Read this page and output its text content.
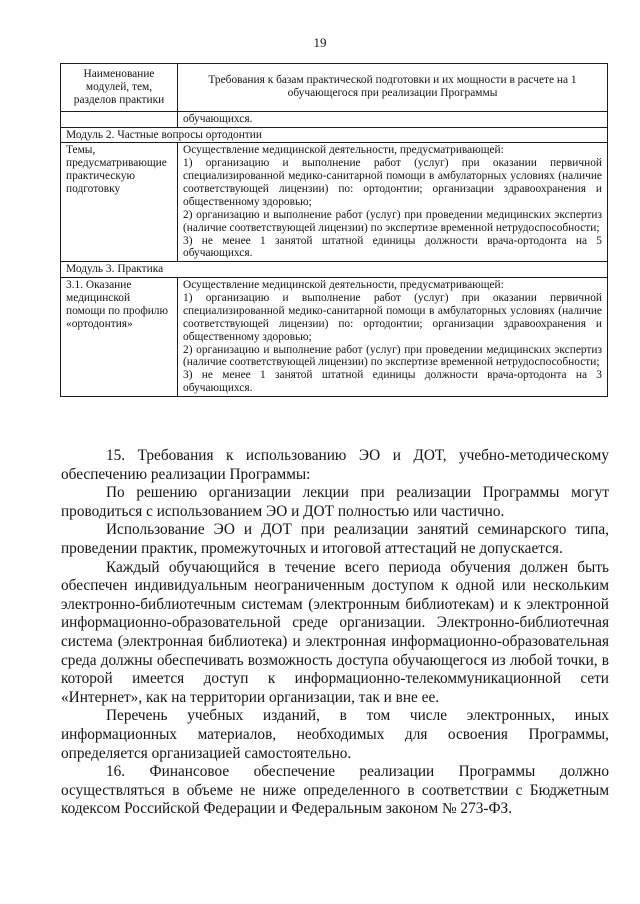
19
Наименование модулей, тем, разделов практики	Требования к базам практической подготовки и их мощности в расчете на 1 обучающегося при реализации Программы
	обучающихся.
Модуль 2. Частные вопросы ортодонтии	
Темы, предусматривающие практическую подготовку	Осуществление медицинской деятельности, предусматривающей:

1) организацию и выполнение работ (услуг) при оказании первичной специализированной медико-санитарной помощи в амбулаторных условиях (наличие соответствующей лицензии) по: ортодонтии; организации здравоохранения и общественному здоровью;

2) организацию и выполнение работ (услуг) при проведении медицинских экспертиз (наличие соответствующей лицензии) по экспертизе временной нетрудоспособности;

3) не менее 1 занятой штатной единицы должности врача-ортодонта на 5 обучающихся.

Модуль 3. Практика	
3.1. Оказание медицинской помощи по профилю «ортодонтия»	Осуществление медицинской деятельности, предусматривающей:

1) организацию и выполнение работ (услуг) при оказании первичной специализированной медико-санитарной помощи в амбулаторных условиях (наличие соответствующей лицензии) по: ортодонтии; организации здравоохранения и общественному здоровью;

2) организацию и выполнение работ (услуг) при проведении медицинских экспертиз (наличие соответствующей лицензии) по экспертизе временной нетрудоспособности;

3) не менее 1 занятой штатной единицы должности врача-ортодонта на 3 обучающихся.

15. Требования к использованию ЭО и ДОТ, учебно-методическому обеспечению реализации Программы:

По решению организации лекции при реализации Программы могут проводиться с использованием ЭО и ДОТ полностью или частично.

Использование ЭО и ДОТ при реализации занятий семинарского типа, проведении практик, промежуточных и итоговой аттестаций не допускается.

Каждый обучающийся в течение всего периода обучения должен быть обеспечен индивидуальным неограниченным доступом к одной или нескольким электронно-библиотечным системам (электронным библиотекам) и к электронной информационно-образовательной среде организации. Электронно-библиотечная система (электронная библиотека) и электронная информационно-образовательная среда должны обеспечивать возможность доступа обучающегося из любой точки, в которой имеется доступ к информационно-телекоммуникационной сети «Интернет», как на территории организации, так и вне ее.

Перечень учебных изданий, в том числе электронных, иных информационных материалов, необходимых для освоения Программы, определяется организацией самостоятельно.

16. Финансовое обеспечение реализации Программы должно осуществляться в объеме не ниже определенного в соответствии с Бюджетным кодексом Российской Федерации и Федеральным законом № 273-ФЗ.
